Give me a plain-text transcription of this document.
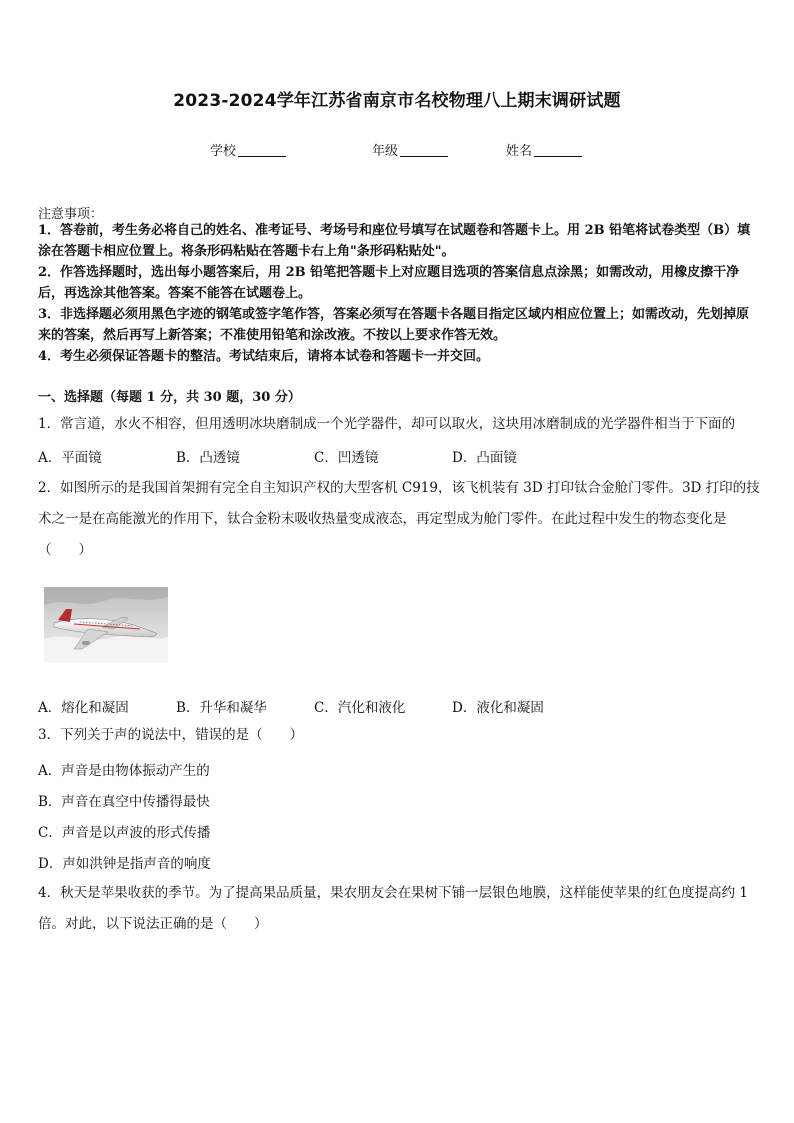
2023-2024学年江苏省南京市名校物理八上期末调研试题
学校	年级	姓名
注意事项：
1．答卷前，考生务必将自己的姓名、准考证号、考场号和座位号填写在试题卷和答题卡上。用 2B 铅笔将试卷类型（B）填涂在答题卡相应位置上。将条形码粘贴在答题卡右上角"条形码粘贴处"。
2．作答选择题时，选出每小题答案后，用 2B 铅笔把答题卡上对应题目选项的答案信息点涂黑；如需改动，用橡皮擦干净后，再选涂其他答案。答案不能答在试题卷上。
3．非选择题必须用黑色字迹的钢笔或签字笔作答，答案必须写在答题卡各题目指定区域内相应位置上；如需改动，先划掉原来的答案，然后再写上新答案；不准使用铅笔和涂改液。不按以上要求作答无效。
4．考生必须保证答题卡的整洁。考试结束后，请将本试卷和答题卡一并交回。
一、选择题（每题 1 分，共 30 题，30 分）
1．常言道，水火不相容，但用透明冰块磨制成一个光学器件，却可以取火，这块用冰磨制成的光学器件相当于下面的
A．平面镜	B．凸透镜	C．凹透镜	D．凸面镜
2．如图所示的是我国首架拥有完全自主知识产权的大型客机 C919，该飞机装有 3D 打印钛合金舱门零件。3D 打印的技术之一是在高能激光的作用下，钛合金粉末吸收热量变成液态，再定型成为舱门零件。在此过程中发生的物态变化是（　　）
A．熔化和凝固	B．升华和凝华	C．汽化和液化	D．液化和凝固
3．下列关于声的说法中，错误的是（　　）
A．声音是由物体振动产生的
B．声音在真空中传播得最快
C．声音是以声波的形式传播
D．声如洪钟是指声音的响度
4．秋天是苹果收获的季节。为了提高果品质量，果农朋友会在果树下铺一层银色地膜，这样能使苹果的红色度提高约 1 倍。对此，以下说法正确的是（　　）
